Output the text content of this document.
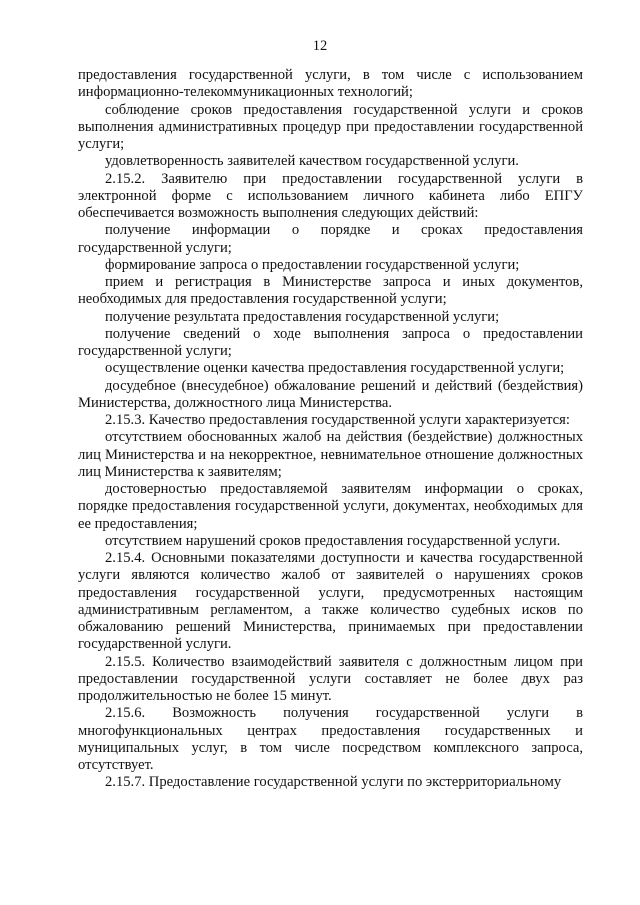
12

предоставления государственной услуги, в том числе с использованием информационно-телекоммуникационных технологий;

соблюдение сроков предоставления государственной услуги и сроков выполнения административных процедур при предоставлении государственной услуги;

удовлетворенность заявителей качеством государственной услуги.

2.15.2. Заявителю при предоставлении государственной услуги в электронной форме с использованием личного кабинета либо ЕПГУ обеспечивается возможность выполнения следующих действий:

получение информации о порядке и сроках предоставления государственной услуги;

формирование запроса о предоставлении государственной услуги;

прием и регистрация в Министерстве запроса и иных документов, необходимых для предоставления государственной услуги;

получение результата предоставления государственной услуги;

получение сведений о ходе выполнения запроса о предоставлении государственной услуги;

осуществление оценки качества предоставления государственной услуги;

досудебное (внесудебное) обжалование решений и действий (бездействия) Министерства, должностного лица Министерства.

2.15.3. Качество предоставления государственной услуги характеризуется:

отсутствием обоснованных жалоб на действия (бездействие) должностных лиц Министерства и на некорректное, невнимательное отношение должностных лиц Министерства к заявителям;

достоверностью предоставляемой заявителям информации о сроках, порядке предоставления государственной услуги, документах, необходимых для ее предоставления;

отсутствием нарушений сроков предоставления государственной услуги.

2.15.4. Основными показателями доступности и качества государственной услуги являются количество жалоб от заявителей о нарушениях сроков предоставления государственной услуги, предусмотренных настоящим административным регламентом, а также количество судебных исков по обжалованию решений Министерства, принимаемых при предоставлении государственной услуги.

2.15.5. Количество взаимодействий заявителя с должностным лицом при предоставлении государственной услуги составляет не более двух раз продолжительностью не более 15 минут.

2.15.6. Возможность получения государственной услуги в многофункциональных центрах предоставления государственных и муниципальных услуг, в том числе посредством комплексного запроса, отсутствует.

2.15.7. Предоставление государственной услуги по экстерриториальному
